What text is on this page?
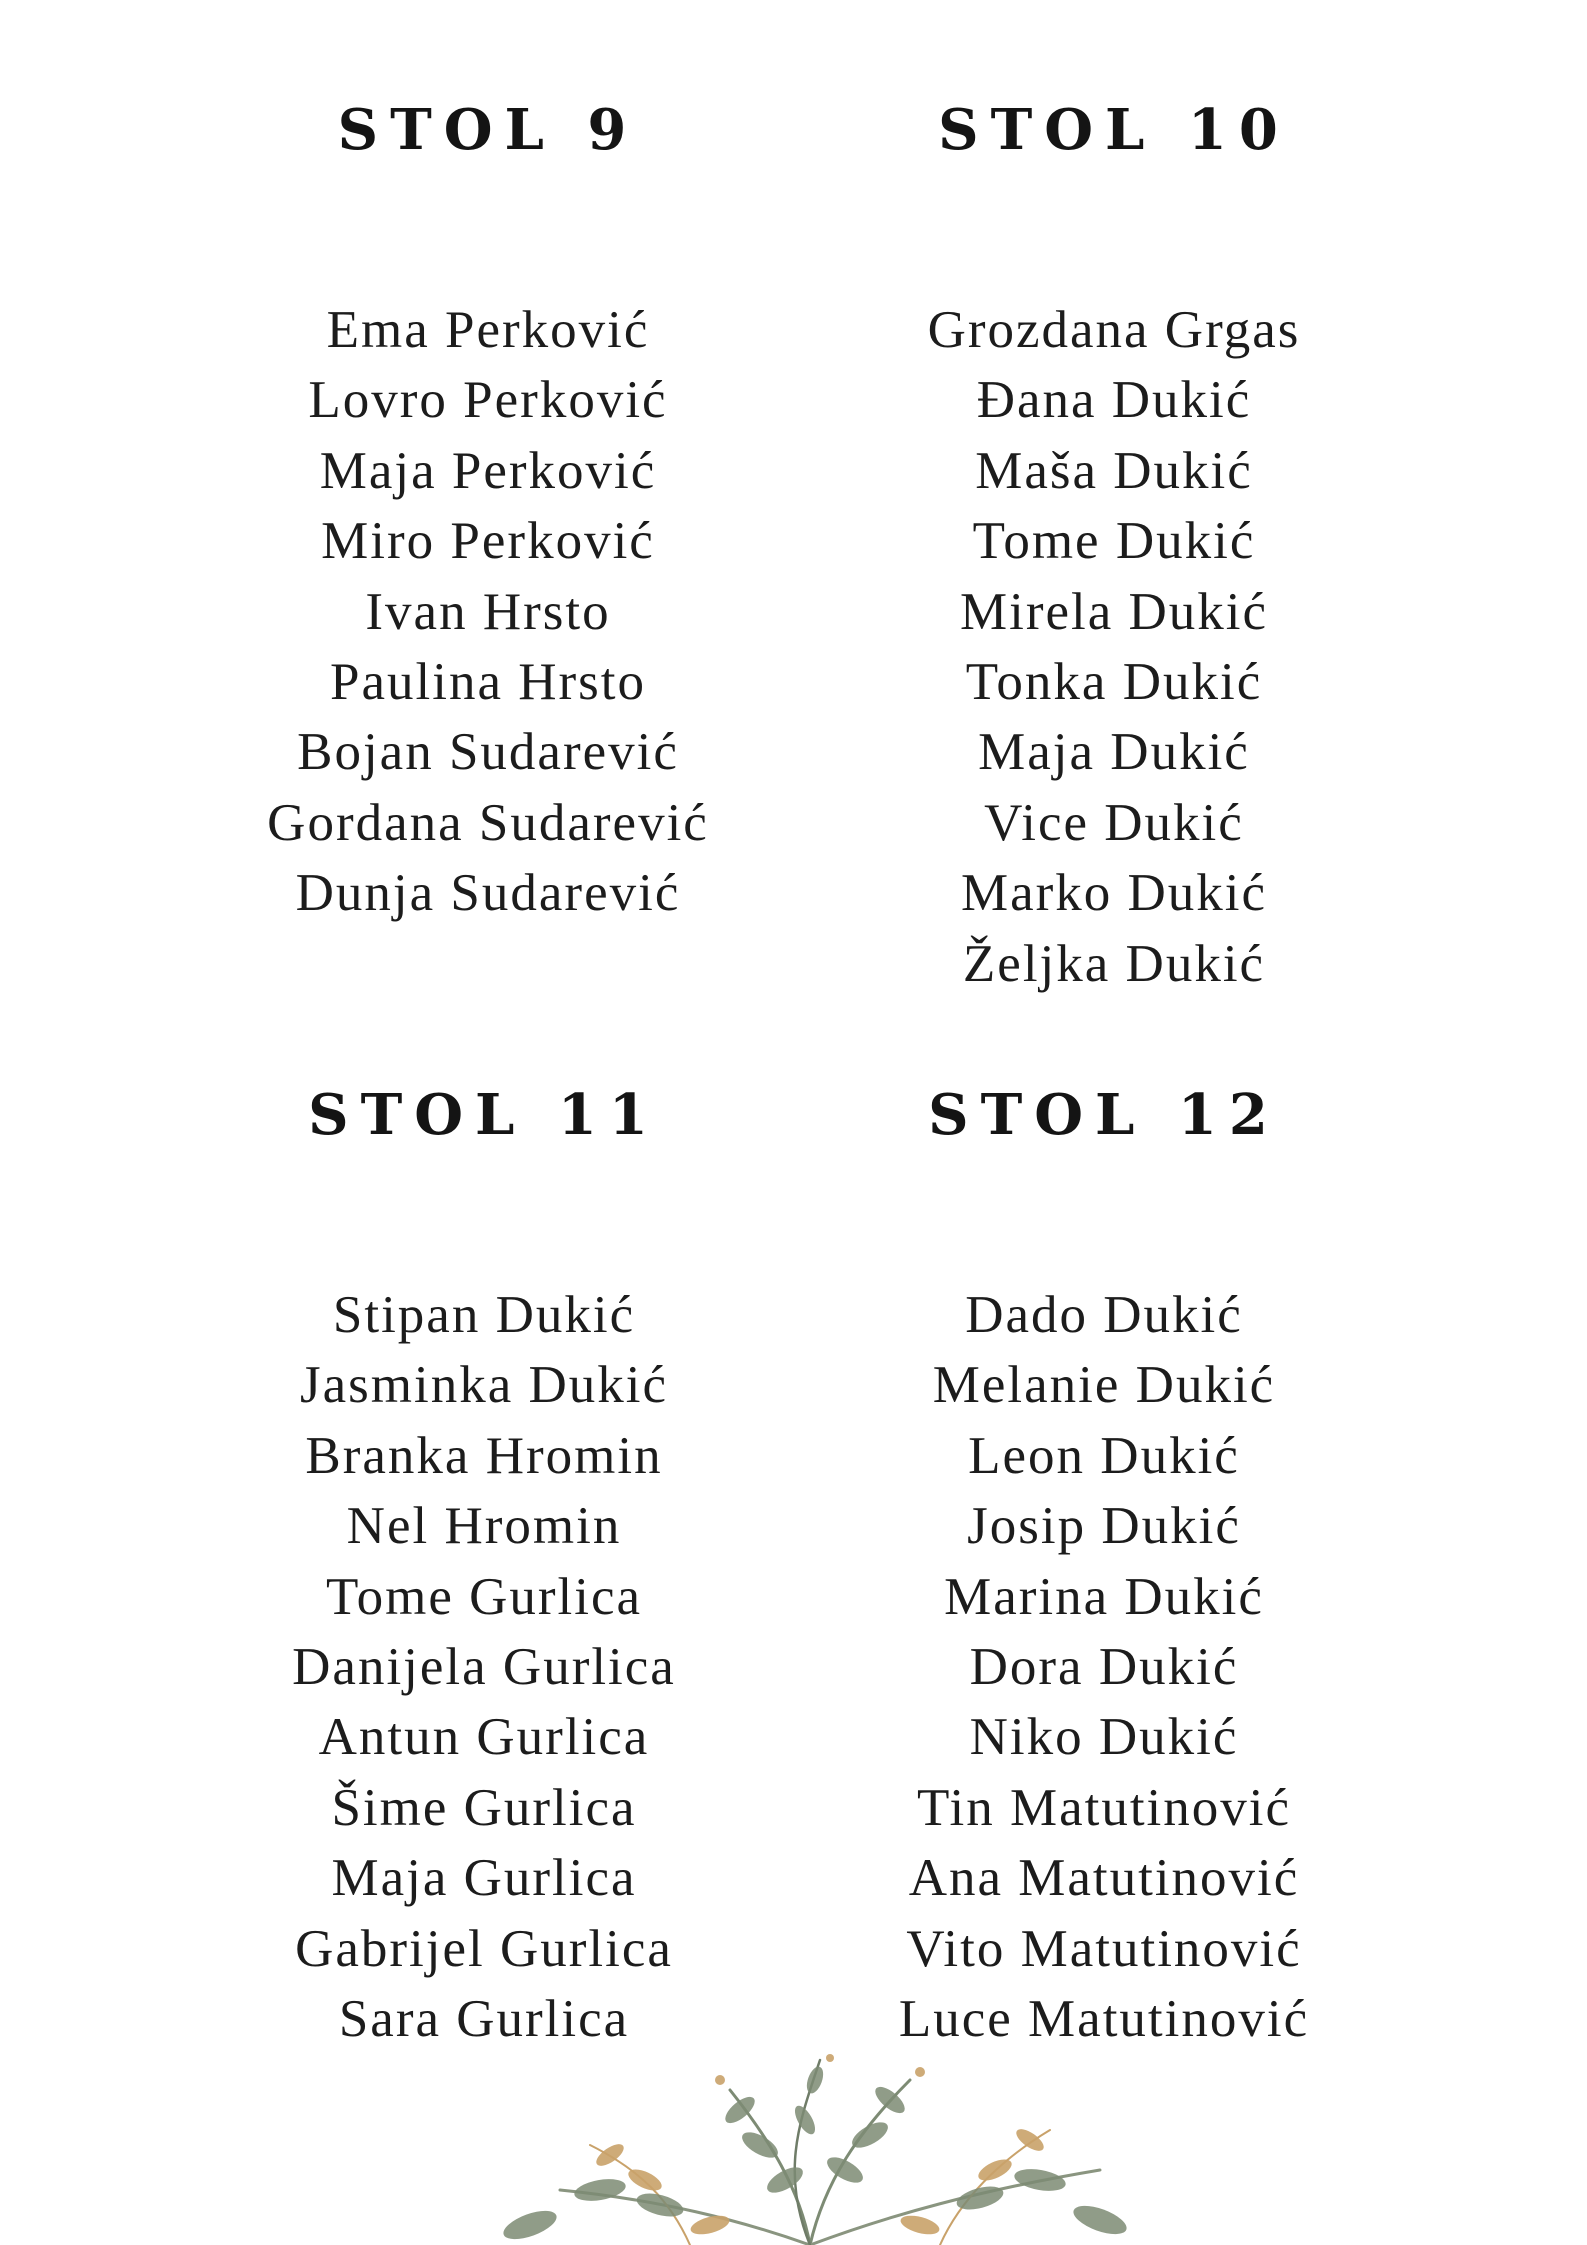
STOL 9
Ema Perković
Lovro Perković
Maja Perković
Miro Perković
Ivan Hrsto
Paulina Hrsto
Bojan Sudarević
Gordana Sudarević
Dunja Sudarević
STOL 10
Grozdana Grgas
Đana Dukić
Maša Dukić
Tome Dukić
Mirela Dukić
Tonka Dukić
Maja Dukić
Vice Dukić
Marko Dukić
Željka Dukić
STOL 11
Stipan Dukić
Jasminka Dukić
Branka Hromin
Nel Hromin
Tome Gurlica
Danijela Gurlica
Antun Gurlica
Šime Gurlica
Maja Gurlica
Gabrijel Gurlica
Sara Gurlica
STOL 12
Dado Dukić
Melanie Dukić
Leon Dukić
Josip Dukić
Marina Dukić
Dora Dukić
Niko Dukić
Tin Matutinović
Ana Matutinović
Vito Matutinović
Luce Matutinović
